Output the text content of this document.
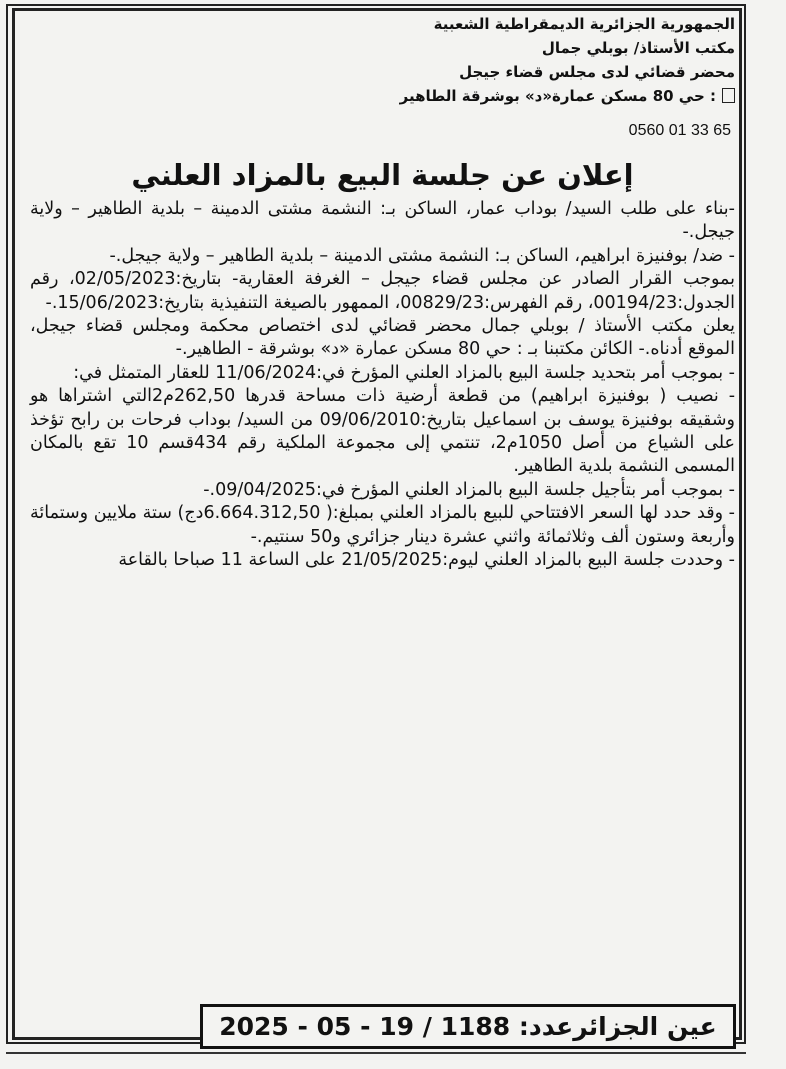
الجمهورية الجزائرية الديمقراطية الشعبية
مكتب الأستاذ/ بوبلي جمال
محضر قضائي لدى مجلس قضاء جيجل
: حي 80 مسكن عمارة«د» بوشرقة الطاهير
0560 01 33 65
إعلان عن جلسة البيع بالمزاد العلني

-بناء على طلب السيد/ بوداب عمار، الساكن بـ: النشمة مشتى الدمينة – بلدية الطاهير – ولاية جيجل.-

- ضد/ بوفنيزة ابراهيم، الساكن بـ: النشمة مشتى الدمينة – بلدية الطاهير – ولاية جيجل.-

بموجب القرار الصادر عن مجلس قضاء جيجل – الغرفة العقارية- بتاريخ:02/05/2023، رقم الجدول:00194/23، رقم الفهرس:00829/23، الممهور بالصيغة التنفيذية بتاريخ:15/06/2023.-

يعلن مكتب الأستاذ / بوبلي جمال محضر قضائي لدى اختصاص محكمة ومجلس قضاء جيجل، الموقع أدناه.- الكائن مكتبنا بـ : حي 80 مسكن عمارة «د» بوشرقة - الطاهير.-

- بموجب أمر بتحديد جلسة البيع بالمزاد العلني المؤرخ في:11/06/2024 للعقار المتمثل في:

- نصيب ( بوفنيزة ابراهيم) من قطعة أرضية ذات مساحة قدرها 262,50م2التي اشتراها هو وشقيقه بوفنيزة يوسف بن اسماعيل بتاريخ:09/06/2010 من السيد/ بوداب فرحات بن رابح تؤخذ على الشياع من أصل 1050م2، تنتمي إلى مجموعة الملكية رقم 434قسم 10 تقع بالمكان المسمى النشمة بلدية الطاهير.

- بموجب أمر بتأجيل جلسة البيع بالمزاد العلني المؤرخ في:09/04/2025.-

- وقد حدد لها السعر الافتتاحي للبيع بالمزاد العلني بمبلغ:( 6.664.312,50دج) ستة ملايين وستمائة وأربعة وستون ألف وثلاثمائة واثني عشرة دينار جزائري و50 سنتيم.-

- وحددت جلسة البيع بالمزاد العلني ليوم:21/05/2025 على الساعة 11 صباحا بالقاعة

عين الجزائرعدد: 1188 / 19 - 05 - 2025
